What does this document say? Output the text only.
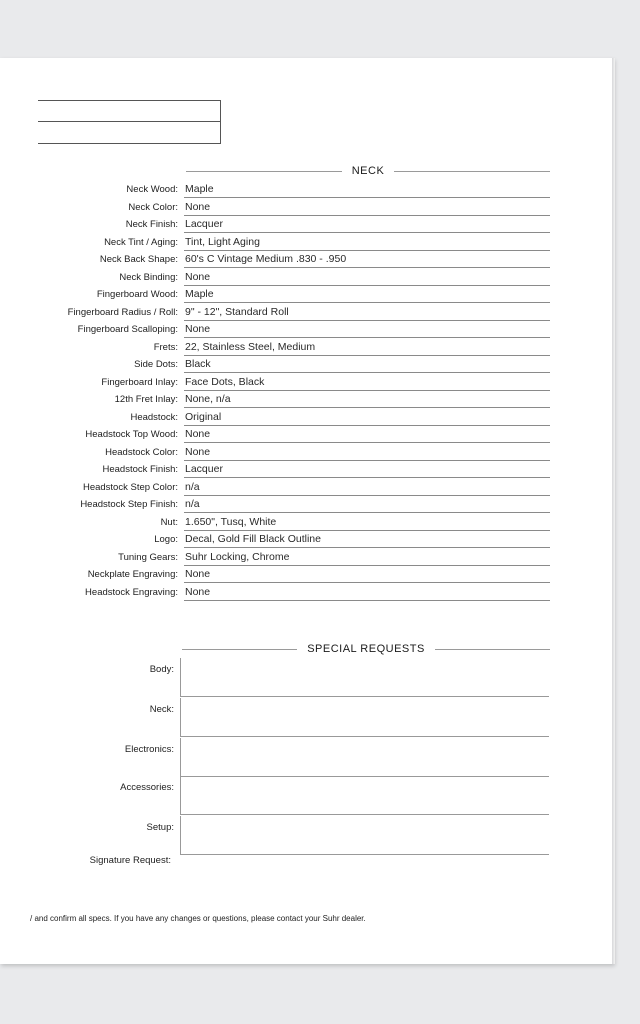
NECK
Neck Wood: Maple
Neck Color: None
Neck Finish: Lacquer
Neck Tint / Aging: Tint, Light Aging
Neck Back Shape: 60's C Vintage Medium .830 - .950
Neck Binding: None
Fingerboard Wood: Maple
Fingerboard Radius / Roll: 9" - 12", Standard Roll
Fingerboard Scalloping: None
Frets: 22, Stainless Steel, Medium
Side Dots: Black
Fingerboard Inlay: Face Dots, Black
12th Fret Inlay: None, n/a
Headstock: Original
Headstock Top Wood: None
Headstock Color: None
Headstock Finish: Lacquer
Headstock Step Color: n/a
Headstock Step Finish: n/a
Nut: 1.650", Tusq, White
Logo: Decal, Gold Fill Black Outline
Tuning Gears: Suhr Locking, Chrome
Neckplate Engraving: None
Headstock Engraving: None
SPECIAL REQUESTS
Body:
Neck:
Electronics:
Accessories:
Setup:
Signature Request:
/ and confirm all specs. If you have any changes or questions, please contact your Suhr dealer.
